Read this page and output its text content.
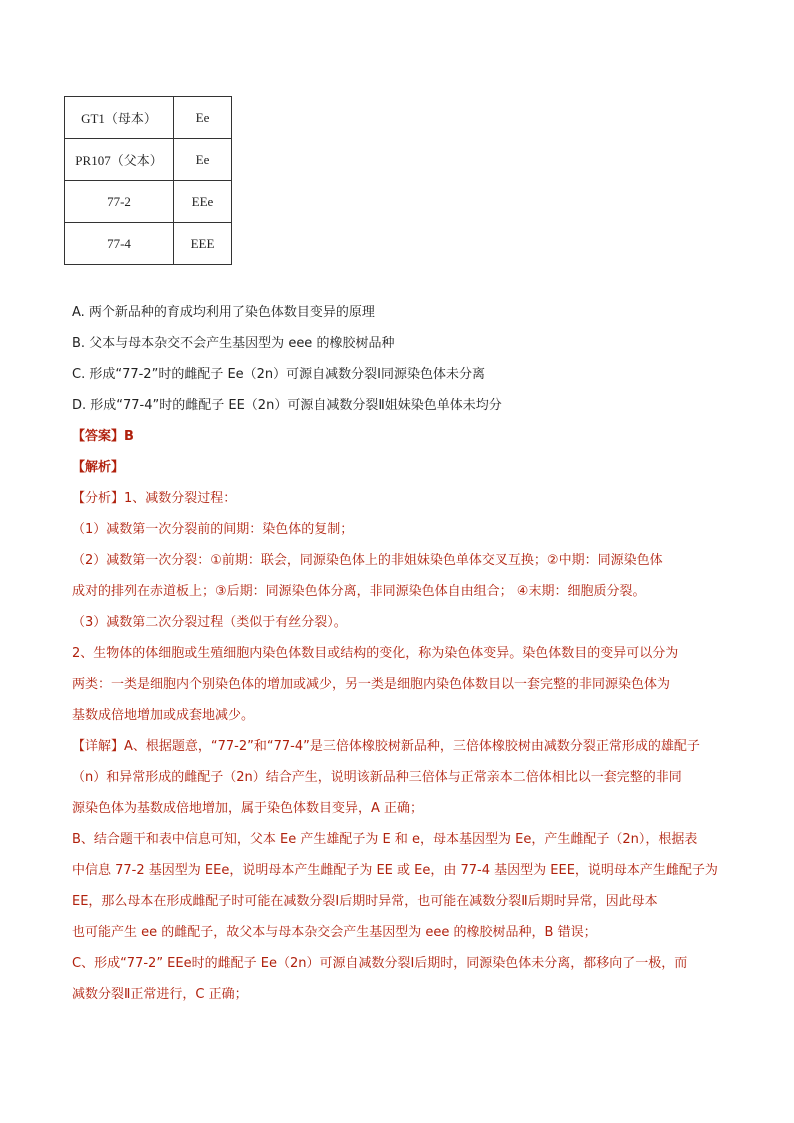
GT1（母本）	Ee
PR107（父本）	Ee
77-2	EEe
77-4	EEE
A. 两个新品种的育成均利用了染色体数目变异的原理
B. 父本与母本杂交不会产生基因型为 eee 的橡胶树品种
C. 形成“77-2”时的雌配子 Ee（2n）可源自减数分裂Ⅰ同源染色体未分离
D. 形成“77-4”时的雌配子 EE（2n）可源自减数分裂Ⅱ姐妹染色单体未均分
【答案】B
【解析】
【分析】1、减数分裂过程：
（1）减数第一次分裂前的间期：染色体的复制；
（2）减数第一次分裂：①前期：联会，同源染色体上的非姐妹染色单体交叉互换；②中期：同源染色体
成对的排列在赤道板上；③后期：同源染色体分离，非同源染色体自由组合； ④末期：细胞质分裂。
（3）减数第二次分裂过程（类似于有丝分裂）。
2、生物体的体细胞或生殖细胞内染色体数目或结构的变化，称为染色体变异。染色体数目的变异可以分为
两类：一类是细胞内个别染色体的增加或减少，另一类是细胞内染色体数目以一套完整的非同源染色体为
基数成倍地增加或成套地减少。
【详解】A、根据题意，“77-2”和“77-4”是三倍体橡胶树新品种，三倍体橡胶树由减数分裂正常形成的雄配子
（n）和异常形成的雌配子（2n）结合产生，说明该新品种三倍体与正常亲本二倍体相比以一套完整的非同
源染色体为基数成倍地增加，属于染色体数目变异，A 正确；
B、结合题干和表中信息可知，父本 Ee 产生雄配子为 E 和 e，母本基因型为 Ee，产生雌配子（2n），根据表
中信息 77-2 基因型为 EEe，说明母本产生雌配子为 EE 或 Ee，由 77-4 基因型为 EEE，说明母本产生雌配子为
EE，那么母本在形成雌配子时可能在减数分裂Ⅰ后期时异常，也可能在减数分裂Ⅱ后期时异常，因此母本
也可能产生 ee 的雌配子，故父本与母本杂交会产生基因型为 eee 的橡胶树品种，B 错误；
C、形成“77-2” EEe时的雌配子 Ee（2n）可源自减数分裂Ⅰ后期时，同源染色体未分离，都移向了一极，而
减数分裂Ⅱ正常进行，C 正确；
